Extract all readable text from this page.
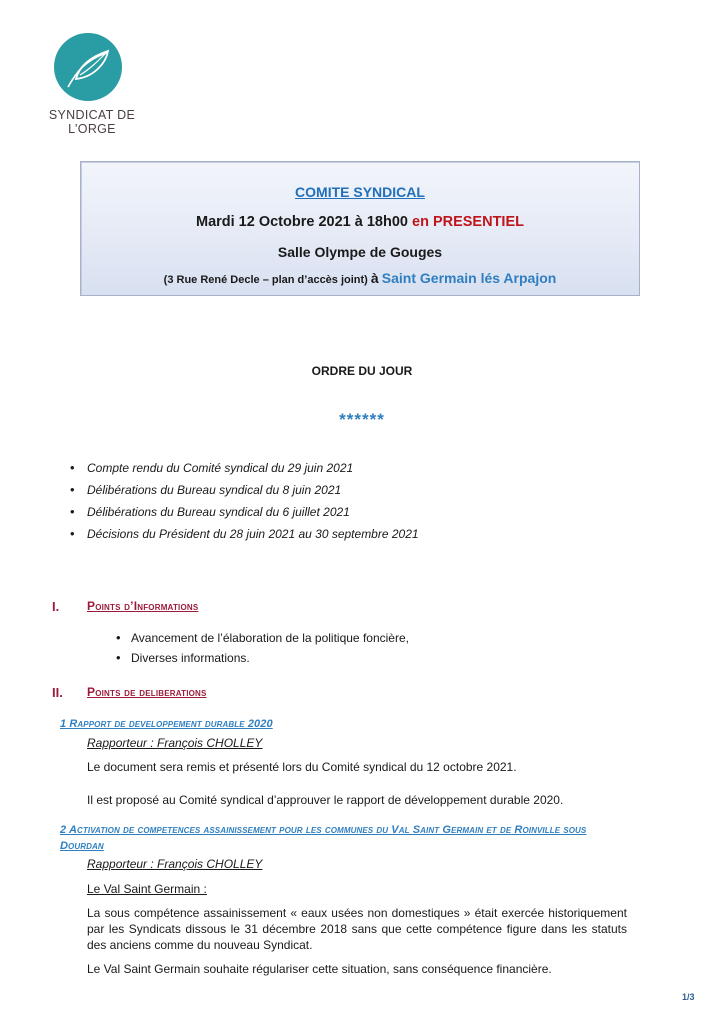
SYNDICAT DE L’ORGE
COMITE SYNDICAL
Mardi 12 Octobre 2021 à 18h00 en PRESENTIEL
Salle Olympe de Gouges
(3 Rue René Decle – plan d’accès joint) à Saint Germain lés Arpajon
ORDRE DU JOUR
******
• Compte rendu du Comité syndical du 29 juin 2021
• Délibérations du Bureau syndical du 8 juin 2021
• Délibérations du Bureau syndical du 6 juillet 2021
• Décisions du Président du 28 juin 2021 au 30 septembre 2021
I. Points d’Informations
• Avancement de l’élaboration de la politique foncière,
• Diverses informations.
II. Points de deliberations
1 Rapport de developpement durable 2020
Rapporteur : François CHOLLEY
Le document sera remis et présenté lors du Comité syndical du 12 octobre 2021.
Il est proposé au Comité syndical d’approuver le rapport de développement durable 2020.
2 Activation de competences assainissement pour les communes du Val Saint Germain et de Roinville sous
Dourdan
Rapporteur : François CHOLLEY
Le Val Saint Germain :
La sous compétence assainissement « eaux usées non domestiques » était exercée historiquement par les Syndicats dissous le 31 décembre 2018 sans que cette compétence figure dans les statuts des anciens comme du nouveau Syndicat.
Le Val Saint Germain souhaite régulariser cette situation, sans conséquence financière.
1/3
